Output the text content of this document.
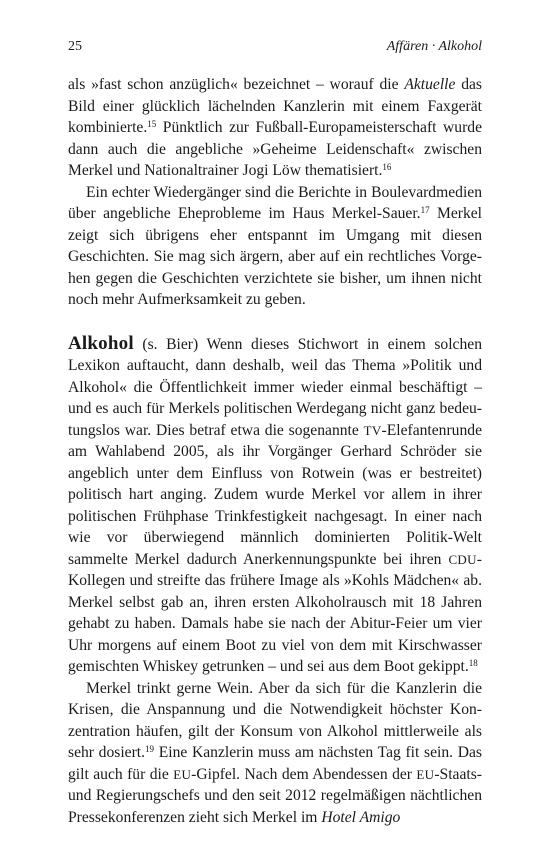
25	Affären · Alkohol

als »fast schon anzüglich« bezeichnet – worauf die Aktuelle das Bild einer glücklich lächelnden Kanzlerin mit einem Faxgerät kombinierte.$^{15}$ Pünktlich zur Fußball-Europameisterschaft wurde dann auch die angebliche »Geheime Leidenschaft« zwischen Merkel und Nationaltrainer Jogi Löw thematisiert.$^{16}$

Ein echter Wiedergänger sind die Berichte in Boulevardmedien über angebliche Eheprobleme im Haus Merkel-Sauer.$^{17}$ Merkel zeigt sich übrigens eher entspannt im Umgang mit diesen Geschichten. Sie mag sich ärgern, aber auf ein rechtliches Vorgehen gegen die Geschichten verzichtete sie bisher, um ihnen nicht noch mehr Aufmerksamkeit zu geben.

Alkohol (s. Bier) Wenn dieses Stichwort in einem solchen Lexikon auftaucht, dann deshalb, weil das Thema »Politik und Alkohol« die Öffentlichkeit immer wieder einmal beschäftigt – und es auch für Merkels politischen Werdegang nicht ganz bedeutungslos war. Dies betraf etwa die sogenannte TV-Elefantenrunde am Wahlabend 2005, als ihr Vorgänger Gerhard Schröder sie angeblich unter dem Einfluss von Rotwein (was er bestreitet) politisch hart anging. Zudem wurde Merkel vor allem in ihrer politischen Frühphase Trinkfestigkeit nachgesagt. In einer nach wie vor überwiegend männlich dominierten Politik-Welt sammelte Merkel dadurch Anerkennungspunkte bei ihren CDU-Kollegen und streifte das frühere Image als »Kohls Mädchen« ab. Merkel selbst gab an, ihren ersten Alkoholrausch mit 18 Jahren gehabt zu haben. Damals habe sie nach der Abitur-Feier um vier Uhr morgens auf einem Boot zu viel von dem mit Kirschwasser gemischten Whiskey getrunken – und sei aus dem Boot gekippt.$^{18}$

Merkel trinkt gerne Wein. Aber da sich für die Kanzlerin die Krisen, die Anspannung und die Notwendigkeit höchster Konzentration häufen, gilt der Konsum von Alkohol mittlerweile als sehr dosiert.$^{19}$ Eine Kanzlerin muss am nächsten Tag fit sein. Das gilt auch für die EU-Gipfel. Nach dem Abendessen der EU-Staats- und Regierungschefs und den seit 2012 regelmäßigen nächtlichen Pressekonferenzen zieht sich Merkel im Hotel Amigo
